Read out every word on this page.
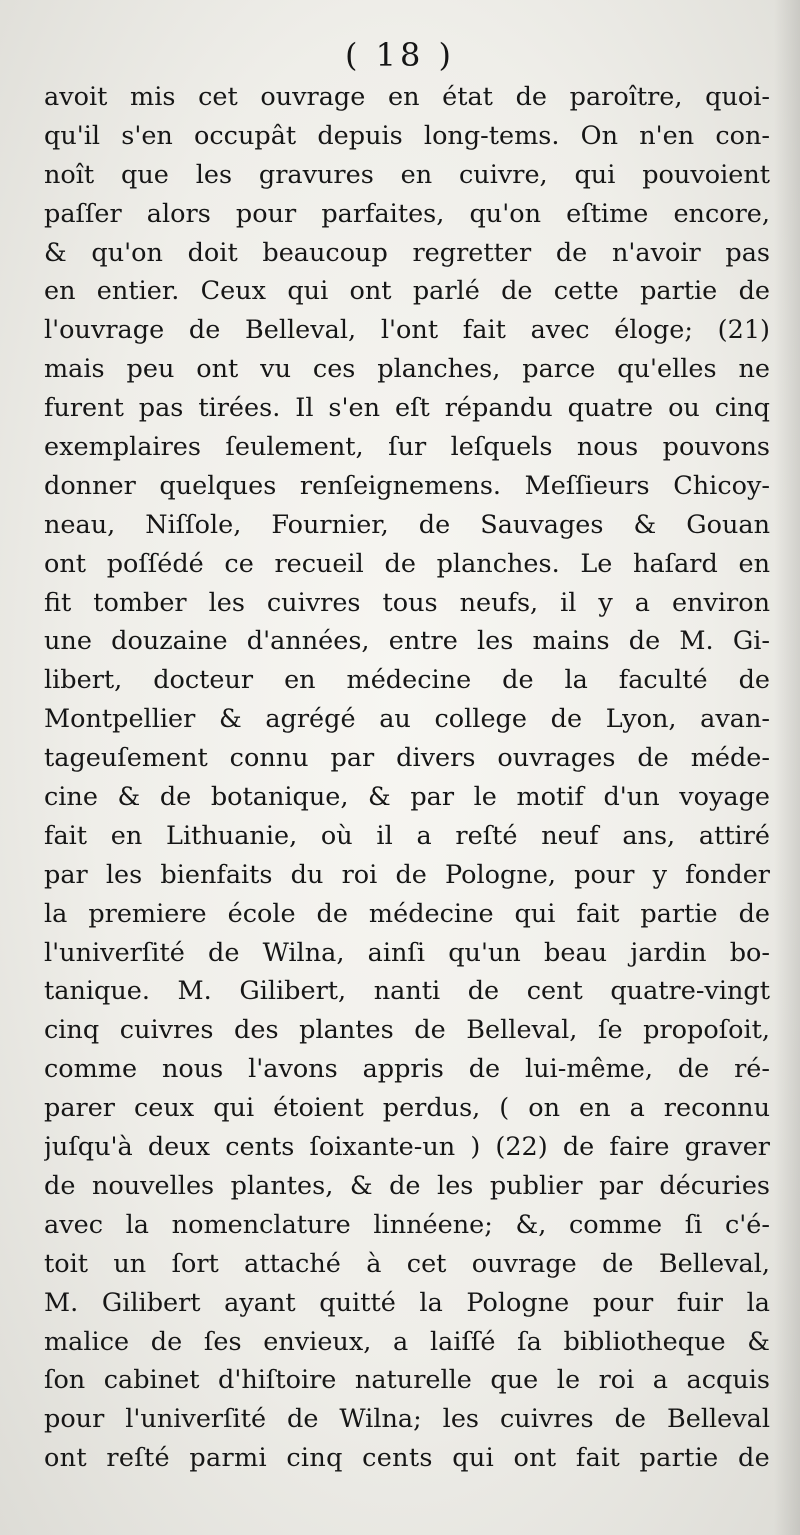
( 18 )
avoit mis cet ouvrage en état de paroître, quoi-
qu'il s'en occupât depuis long-tems. On n'en con-
noît que les gravures en cuivre, qui pouvoient
paſſer alors pour parfaites, qu'on eſtime encore,
& qu'on doit beaucoup regretter de n'avoir pas
en entier. Ceux qui ont parlé de cette partie de
l'ouvrage de Belleval, l'ont fait avec éloge; (21)
mais peu ont vu ces planches, parce qu'elles ne
furent pas tirées. Il s'en eſt répandu quatre ou cinq
exemplaires ſeulement, ſur leſquels nous pouvons
donner quelques renſeignemens. Meſſieurs Chicoy-
neau, Niſſole, Fournier, de Sauvages & Gouan
ont poſſédé ce recueil de planches. Le haſard en
fit tomber les cuivres tous neufs, il y a environ
une douzaine d'années, entre les mains de M. Gi-
libert, docteur en médecine de la faculté de
Montpellier & agrégé au college de Lyon, avan-
tageuſement connu par divers ouvrages de méde-
cine & de botanique, & par le motif d'un voyage
fait en Lithuanie, où il a reſté neuf ans, attiré
par les bienfaits du roi de Pologne, pour y fonder
la premiere école de médecine qui fait partie de
l'univerſité de Wilna, ainſi qu'un beau jardin bo-
tanique. M. Gilibert, nanti de cent quatre-vingt
cinq cuivres des plantes de Belleval, ſe propoſoit,
comme nous l'avons appris de lui-même, de ré-
parer ceux qui étoient perdus, ( on en a reconnu
juſqu'à deux cents ſoixante-un ) (22) de faire graver
de nouvelles plantes, & de les publier par décuries
avec la nomenclature linnéene; &, comme ſi c'é-
toit un ſort attaché à cet ouvrage de Belleval,
M. Gilibert ayant quitté la Pologne pour fuir la
malice de ſes envieux, a laiſſé ſa bibliotheque &
ſon cabinet d'hiſtoire naturelle que le roi a acquis
pour l'univerſité de Wilna; les cuivres de Belleval
ont reſté parmi cinq cents qui ont fait partie de
